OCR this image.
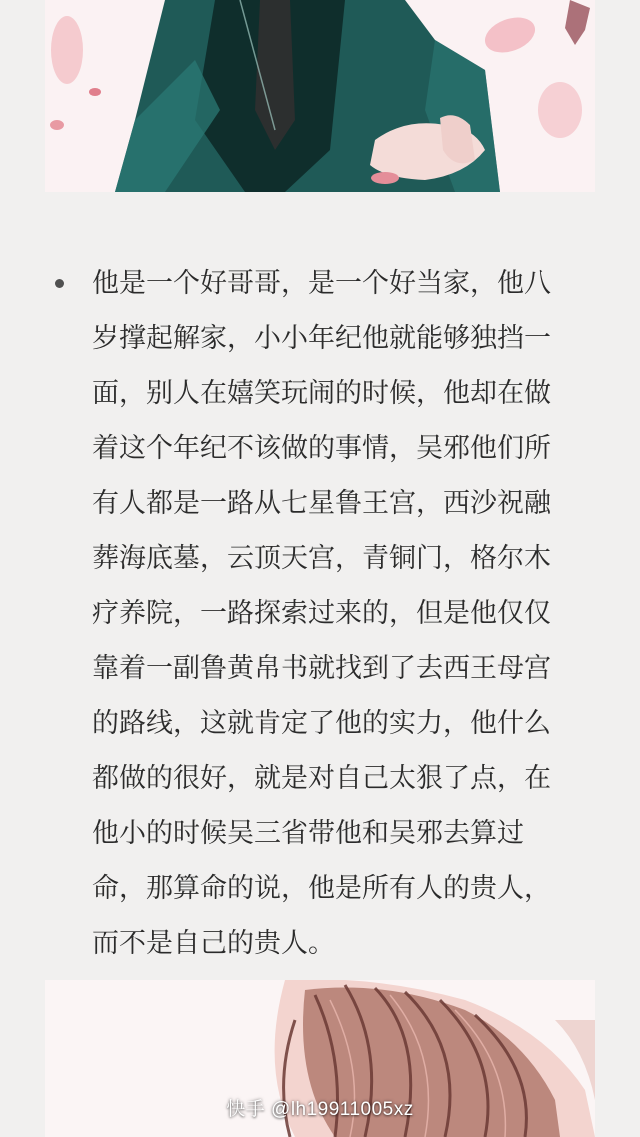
他是一个好哥哥，是一个好当家，他八
岁撑起解家，小小年纪他就能够独挡一
面，别人在嬉笑玩闹的时候，他却在做
着这个年纪不该做的事情，吴邪他们所
有人都是一路从七星鲁王宫，西沙祝融
葬海底墓，云顶天宫，青铜门，格尔木
疗养院，一路探索过来的，但是他仅仅
靠着一副鲁黄帛书就找到了去西王母宫
的路线，这就肯定了他的实力，他什么
都做的很好，就是对自己太狠了点，在
他小的时候吴三省带他和吴邪去算过
命，那算命的说，他是所有人的贵人，
而不是自己的贵人。
快手 @lh19911005xz
